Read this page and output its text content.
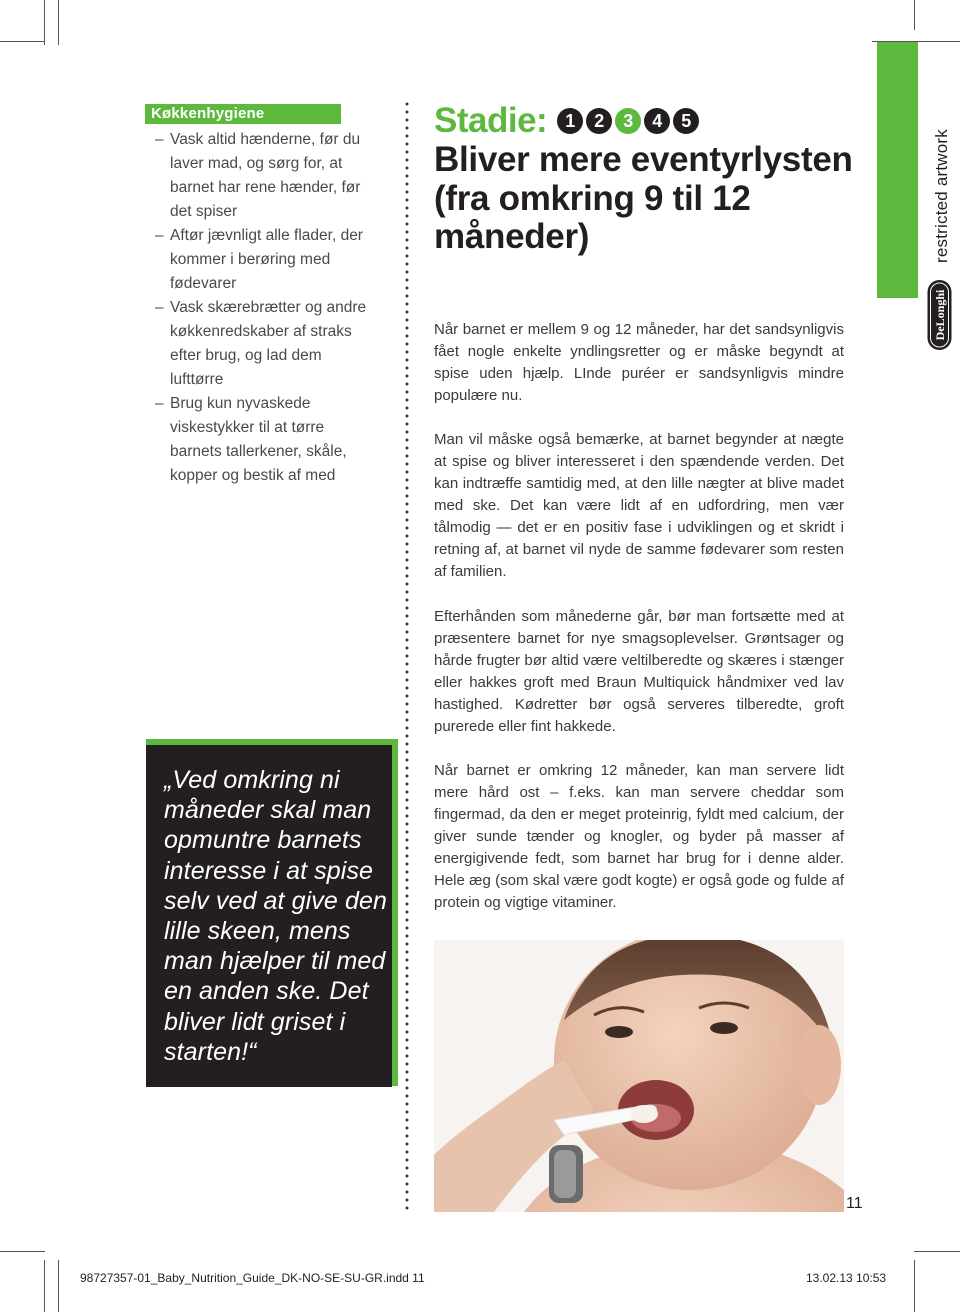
Køkkenhygiene
– Vask altid hænderne, før du laver mad, og sørg for, at barnet har rene hænder, før det spiser
– Aftør jævnligt alle flader, der kommer i berøring med fødevarer
– Vask skærebrætter og andre køkkenredskaber af straks efter brug, og lad dem lufttørre
– Brug kun nyvaskede viskestykker til at tørre barnets tallerkener, skåle, kopper og bestik af med
„Ved omkring ni måneder skal man opmuntre barnets interesse i at spise selv ved at give den lille skeen, mens man hjælper til med en anden ske. Det bliver lidt griset i starten!“
Stadie: 1	2	3	4	5
Bliver mere eventyrlysten (fra omkring 9 til 12 måneder)

Når barnet er mellem 9 og 12 måneder, har det sandsynligvis fået nogle enkelte yndlingsretter og er måske begyndt at spise uden hjælp. LInde puréer er sandsynligvis mindre populære nu.

Man vil måske også bemærke, at barnet begynder at nægte at spise og bliver interesseret i den spændende verden. Det kan indtræffe samtidig med, at den lille nægter at blive madet med ske. Det kan være lidt af en udfordring, men vær tålmodig — det er en positiv fase i udviklingen og et skridt i retning af, at barnet vil nyde de samme fødevarer som resten af familien.

Efterhånden som månederne går, bør man fortsætte med at præsentere barnet for nye smagsoplevelser. Grøntsager og hårde frugter bør altid være veltilberedte og skæres i stænger eller hakkes groft med Braun Multiquick håndmixer ved lav hastighed. Kødretter bør også serveres tilberedte, groft purerede eller fint hakkede.

Når barnet er omkring 12 måneder, kan man servere lidt mere hård ost – f.eks. kan man servere cheddar som fingermad, da den er meget proteinrig, fyldt med calcium, der giver sunde tænder og knogler, og byder på masser af energigivende fedt, som barnet har brug for i denne alder. Hele æg (som skal være godt kogte) er også gode og fulde af protein og vigtige vitaminer.

restricted artwork
DeLonghi
11
98727357-01_Baby_Nutrition_Guide_DK-NO-SE-SU-GR.indd 11	13.02.13 10:53
